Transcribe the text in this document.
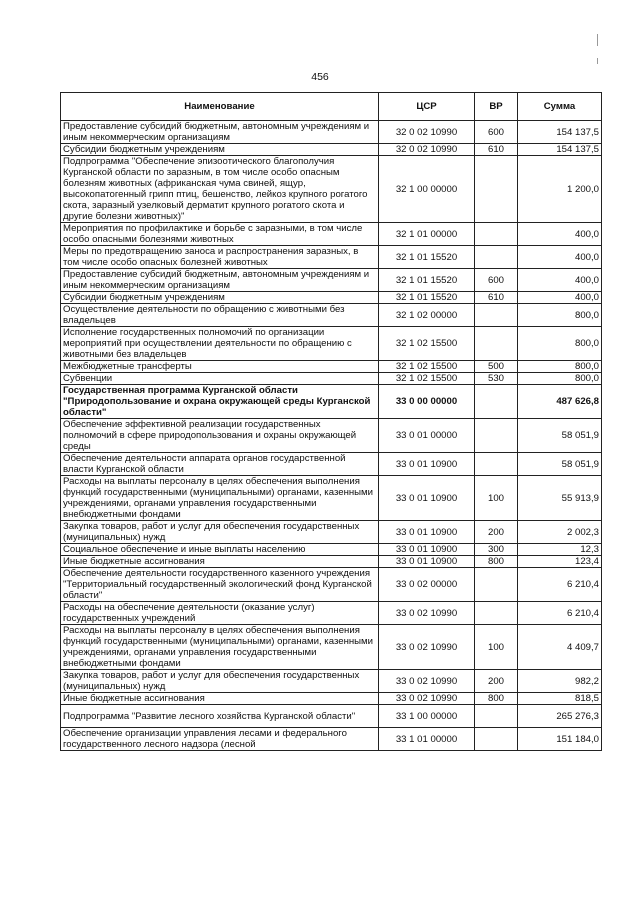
456
Наименование	ЦСР	ВР	Сумма
Предоставление субсидий бюджетным, автономным учреждениям и иным некоммерческим организациям	32 0 02 10990	600	154 137,5
Субсидии бюджетным учреждениям	32 0 02 10990	610	154 137,5
Подпрограмма "Обеспечение эпизоотического благополучия Курганской области по заразным, в том числе особо опасным болезням животных (африканская чума свиней, ящур, высокопатогенный грипп птиц, бешенство, лейкоз крупного рогатого скота, заразный узелковый дерматит крупного рогатого скота и другие болезни животных)"	32 1 00 00000		1 200,0
Мероприятия по профилактике и борьбе с заразными, в том числе особо опасными болезнями животных	32 1 01 00000		400,0
Меры по предотвращению заноса и распространения заразных, в том числе особо опасных болезней животных	32 1 01 15520		400,0
Предоставление субсидий бюджетным, автономным учреждениям и иным некоммерческим организациям	32 1 01 15520	600	400,0
Субсидии бюджетным учреждениям	32 1 01 15520	610	400,0
Осуществление деятельности по обращению с животными без владельцев	32 1 02 00000		800,0
Исполнение государственных полномочий по организации мероприятий при осуществлении деятельности по обращению с животными без владельцев	32 1 02 15500		800,0
Межбюджетные трансферты	32 1 02 15500	500	800,0
Субвенции	32 1 02 15500	530	800,0
Государственная программа Курганской области "Природопользование и охрана окружающей среды Курганской области"	33 0 00 00000		487 626,8
Обеспечение эффективной реализации государственных полномочий в сфере природопользования и охраны окружающей среды	33 0 01 00000		58 051,9
Обеспечение деятельности аппарата органов государственной власти Курганской области	33 0 01 10900		58 051,9
Расходы на выплаты персоналу в целях обеспечения выполнения функций государственными (муниципальными) органами, казенными учреждениями, органами управления государственными внебюджетными фондами	33 0 01 10900	100	55 913,9
Закупка товаров, работ и услуг для обеспечения государственных (муниципальных) нужд	33 0 01 10900	200	2 002,3
Социальное обеспечение и иные выплаты населению	33 0 01 10900	300	12,3
Иные бюджетные ассигнования	33 0 01 10900	800	123,4
Обеспечение деятельности государственного казенного учреждения "Территориальный государственный экологический фонд Курганской области"	33 0 02 00000		6 210,4
Расходы на обеспечение деятельности (оказание услуг) государственных учреждений	33 0 02 10990		6 210,4
Расходы на выплаты персоналу в целях обеспечения выполнения функций государственными (муниципальными) органами, казенными учреждениями, органами управления государственными внебюджетными фондами	33 0 02 10990	100	4 409,7
Закупка товаров, работ и услуг для обеспечения государственных (муниципальных) нужд	33 0 02 10990	200	982,2
Иные бюджетные ассигнования	33 0 02 10990	800	818,5
Подпрограмма "Развитие лесного хозяйства Курганской области"	33 1 00 00000		265 276,3
Обеспечение организации управления лесами и федерального государственного лесного надзора (лесной	33 1 01 00000		151 184,0
